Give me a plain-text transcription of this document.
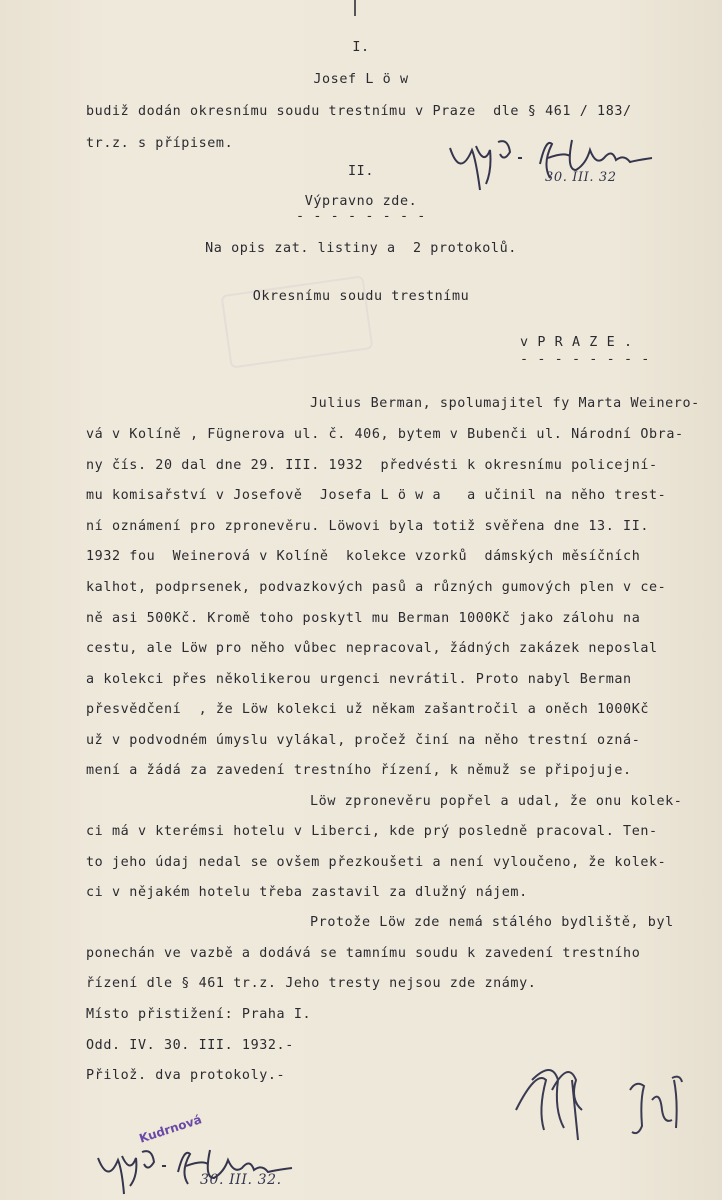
I.
Josef L ö w
budiž dodán okresnímu soudu trestnímu v Praze  dle § 461 / 183/
tr.z. s přípisem.
II.
Výpravno zde.
- - - - - - - -
Na opis zat. listiny a  2 protokolů.
Okresnímu soudu trestnímu
v P R A Z E .
- - - - - - - -
Julius Berman, spolumajitel fy Marta Weinero-
vá v Kolíně , Fügnerova ul. č. 406, bytem v Bubenči ul. Národní Obra-
ny čís. 20 dal dne 29. III. 1932  předvésti k okresnímu policejní-
mu komisařství v Josefově  Josefa L ö w a   a učinil na něho trest-
ní oznámení pro zpronevěru. Löwovi byla totiž svěřena dne 13. II.
1932 fou  Weinerová v Kolíně  kolekce vzorků  dámských měsíčních
kalhot, podprsenek, podvazkových pasů a různých gumových plen v ce-
ně asi 500Kč. Kromě toho poskytl mu Berman 1000Kč jako zálohu na
cestu, ale Löw pro něho vůbec nepracoval, žádných zakázek neposlal
a kolekci přes několikerou urgenci nevrátil. Proto nabyl Berman
přesvědčení  , že Löw kolekci už někam zašantročil a oněch 1000Kč
už v podvodném úmyslu vylákal, pročež činí na něho trestní ozná-
mení a žádá za zavedení trestního řízení, k němuž se připojuje.
Löw zpronevěru popřel a udal, že onu kolek-
ci má v kterémsi hotelu v Liberci, kde prý posledně pracoval. Ten-
to jeho údaj nedal se ovšem přezkoušeti a není vyloučeno, že kolek-
ci v nějakém hotelu třeba zastavil za dlužný nájem.
Protože Löw zde nemá stálého bydliště, byl
ponechán ve vazbě a dodává se tamnímu soudu k zavedení trestního
řízení dle § 461 tr.z. Jeho tresty nejsou zde známy.
Místo přistižení: Praha I.
Odd. IV. 30. III. 1932.-
Přilož. dva protokoly.-
30. III. 32
Kudrnová
30. III. 32.
